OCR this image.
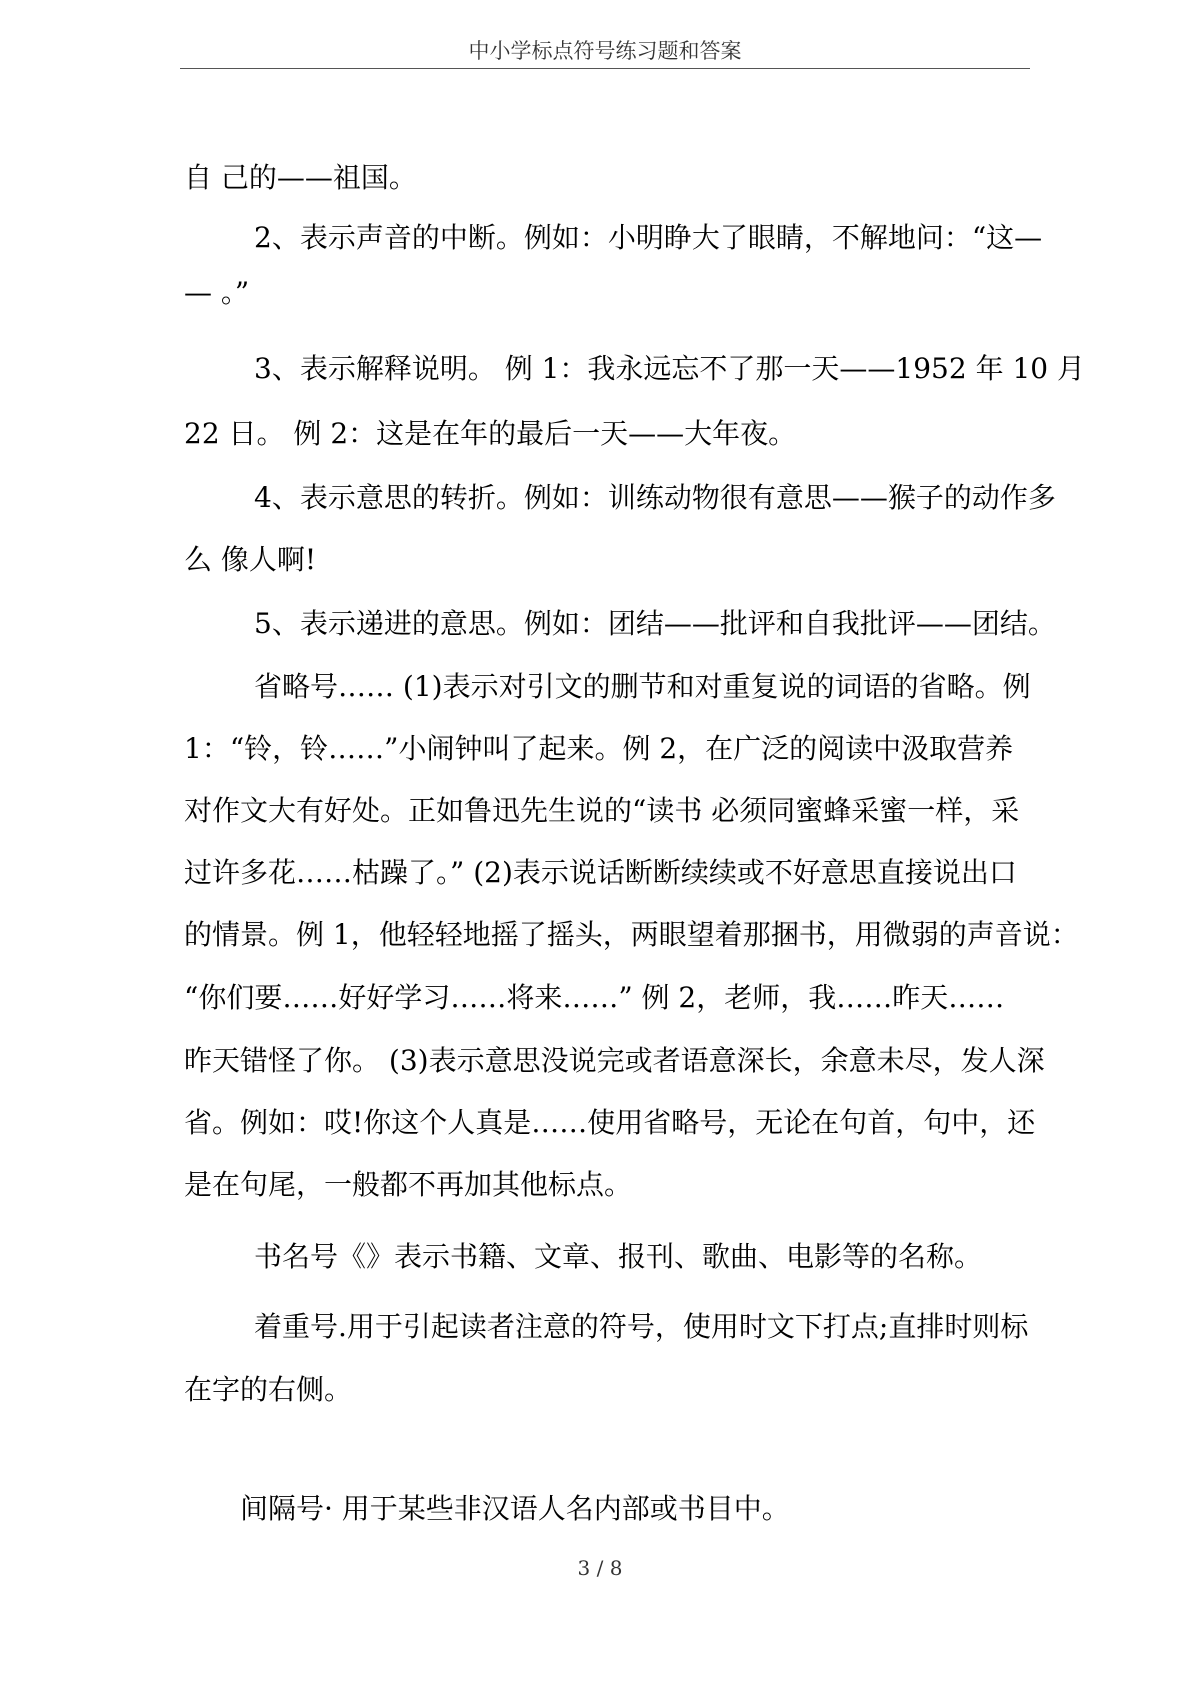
中小学标点符号练习题和答案
自 己的——祖国。
2、表示声音的中断。例如：小明睁大了眼睛，不解地问：“这—
— 。”
3、表示解释说明。 例 1：我永远忘不了那一天——1952 年 10 月
22 日。 例 2：这是在年的最后一天——大年夜。
4、表示意思的转折。例如：训练动物很有意思——猴子的动作多
么 像人啊!
5、表示递进的意思。例如：团结——批评和自我批评——团结。
省略号…… (1)表示对引文的删节和对重复说的词语的省略。例
1：“铃，铃……”小闹钟叫了起来。例 2，在广泛的阅读中汲取营养
对作文大有好处。正如鲁迅先生说的“读书 必须同蜜蜂采蜜一样，采
过许多花……枯躁了。” (2)表示说话断断续续或不好意思直接说出口
的情景。例 1，他轻轻地摇了摇头，两眼望着那捆书，用微弱的声音说：
“你们要……好好学习……将来……” 例 2，老师，我……昨天……
昨天错怪了你。 (3)表示意思没说完或者语意深长，余意未尽，发人深
省。例如：哎!你这个人真是……使用省略号，无论在句首，句中，还
是在句尾，一般都不再加其他标点。
书名号《》表示书籍、文章、报刊、歌曲、电影等的名称。
着重号.用于引起读者注意的符号，使用时文下打点;直排时则标
在字的右侧。
间隔号· 用于某些非汉语人名内部或书目中。
3 / 8
